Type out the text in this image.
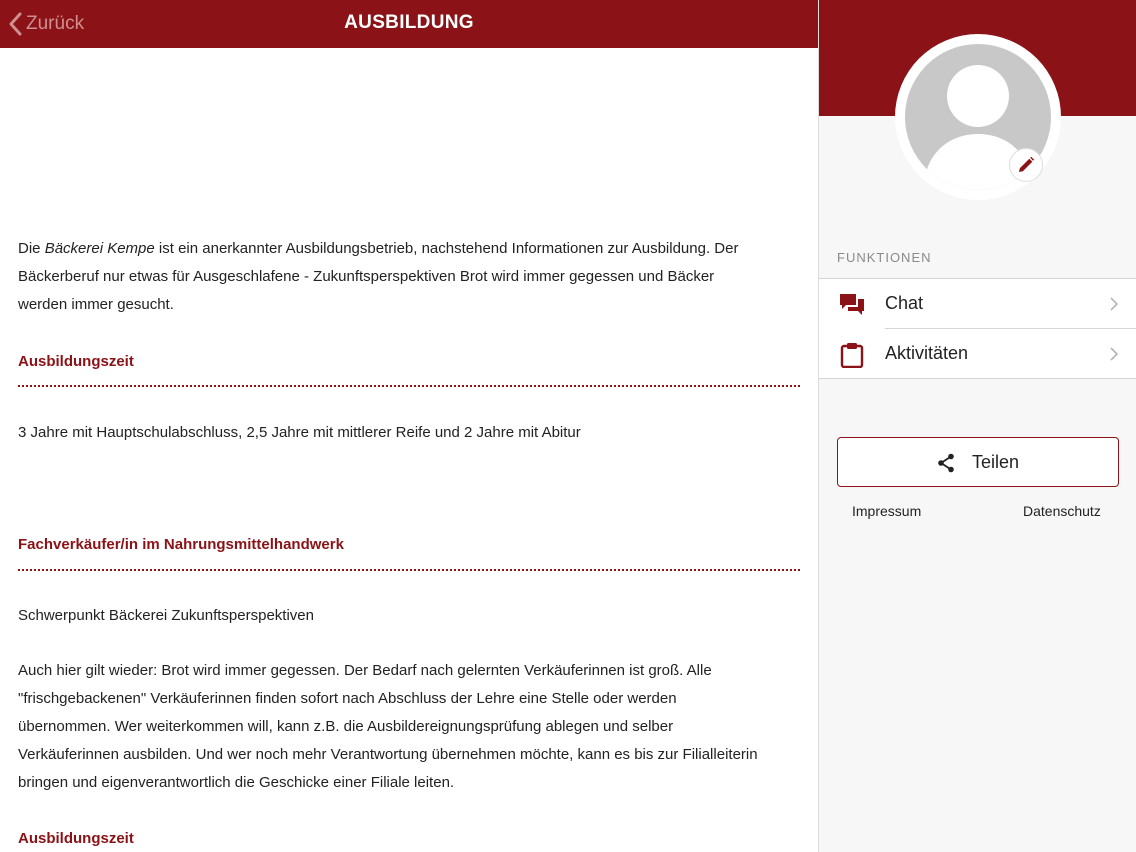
Zurück	AUSBILDUNG

Die Bäckerei Kempe ist ein anerkannter Ausbildungsbetrieb, nachstehend Informationen zur Ausbildung. Der
Bäckerberuf nur etwas für Ausgeschlafene - Zukunftsperspektiven Brot wird immer gegessen und Bäcker
werden immer gesucht.

Ausbildungszeit

3 Jahre mit Hauptschulabschluss, 2,5 Jahre mit mittlerer Reife und 2 Jahre mit Abitur

Fachverkäufer/in im Nahrungsmittelhandwerk

Schwerpunkt Bäckerei Zukunftsperspektiven

Auch hier gilt wieder: Brot wird immer gegessen. Der Bedarf nach gelernten Verkäuferinnen ist groß. Alle
"frischgebackenen" Verkäuferinnen finden sofort nach Abschluss der Lehre eine Stelle oder werden
übernommen. Wer weiterkommen will, kann z.B. die Ausbildereignungsprüfung ablegen und selber
Verkäuferinnen ausbilden. Und wer noch mehr Verantwortung übernehmen möchte, kann es bis zur Filialleiterin
bringen und eigenverantwortlich die Geschicke einer Filiale leiten.

Ausbildungszeit

FUNKTIONEN
Chat
Aktivitäten
Teilen
Impressum	Datenschutz
